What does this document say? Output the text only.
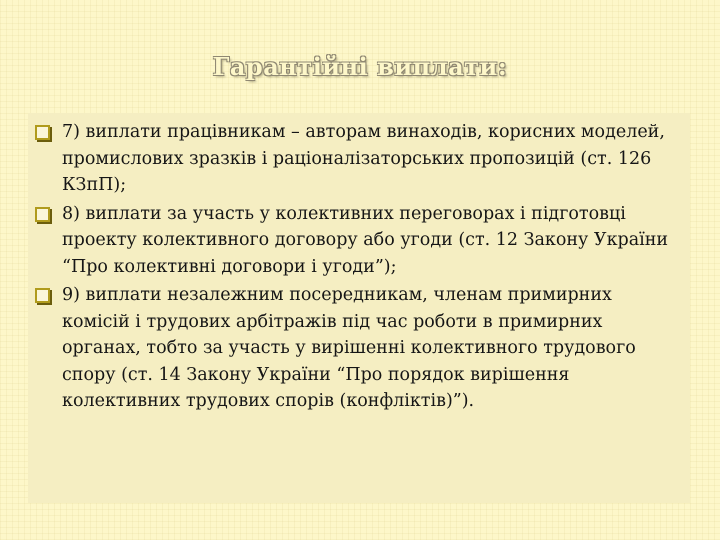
Гарантійні виплати:
7) виплати працівникам – авторам винаходів, корисних моделей, промислових зразків і раціоналізаторських пропозицій (ст. 126 КЗпП);
8) виплати за участь у колективних переговорах і підготовці проекту колективного договору або угоди (ст. 12 Закону України “Про колективні договори і угоди”);
9) виплати незалежним посередникам, членам примирних комісій і трудових арбітражів під час роботи в примирних органах, тобто за участь у вирішенні колективного трудового спору (ст. 14 Закону України “Про порядок вирішення колективних трудових спорів (конфліктів)”).
